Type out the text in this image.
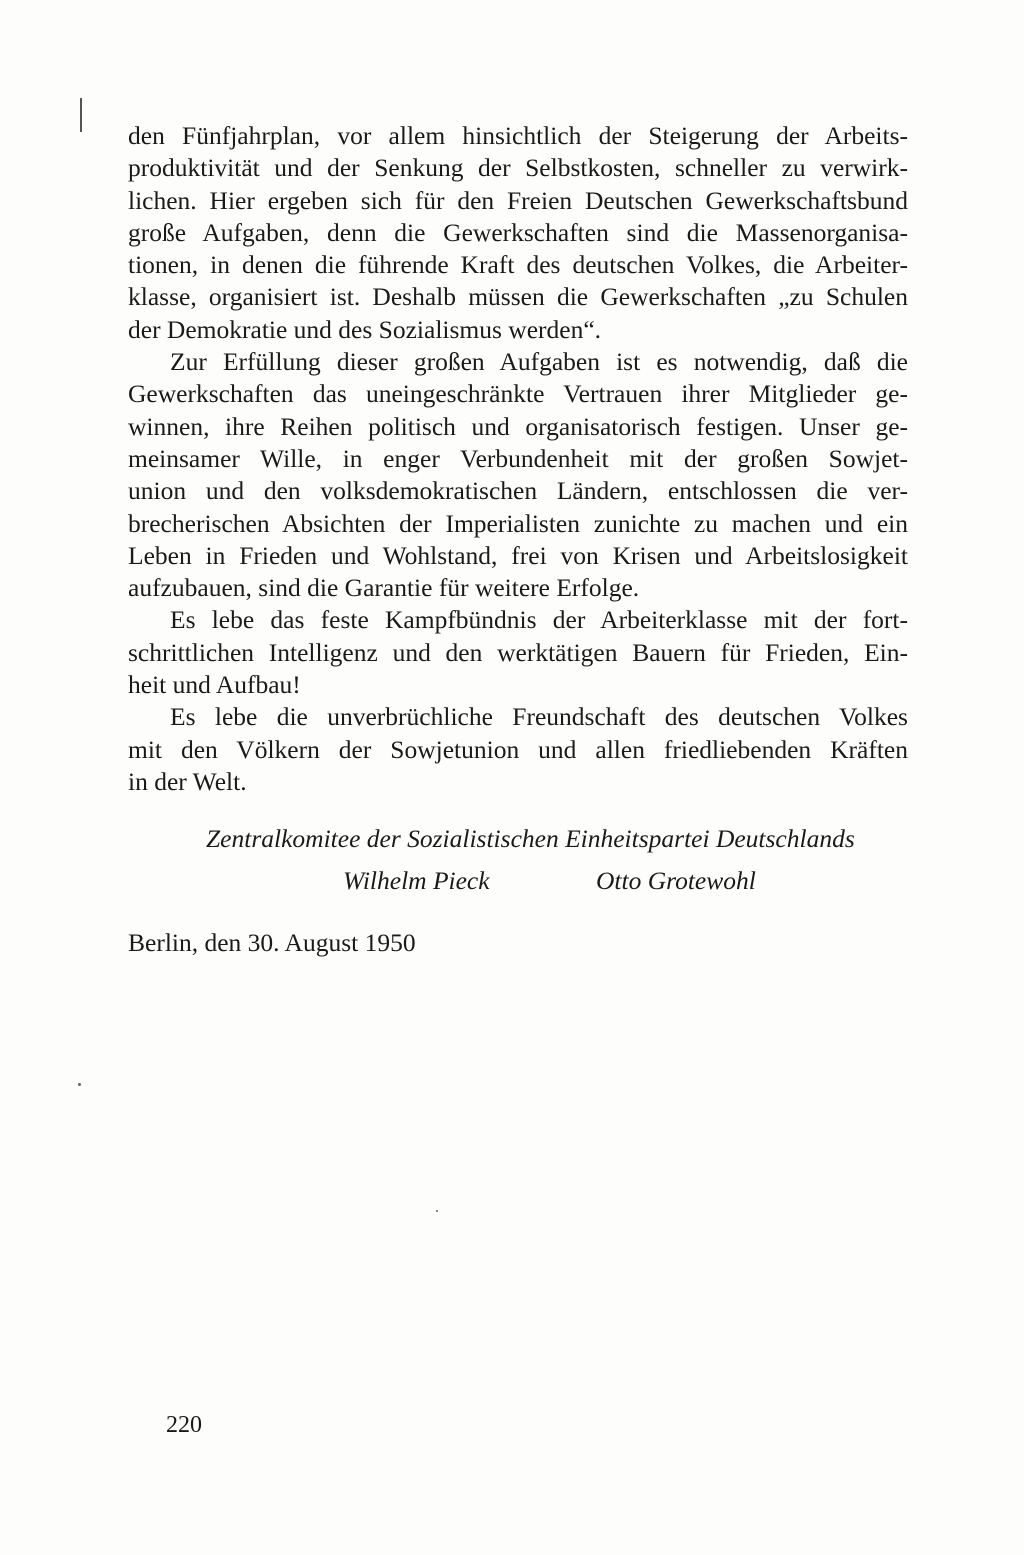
den Fünfjahrplan, vor allem hinsichtlich der Steigerung der Arbeits-
produktivität und der Senkung der Selbstkosten, schneller zu verwirk-
lichen. Hier ergeben sich für den Freien Deutschen Gewerkschaftsbund
große Aufgaben, denn die Gewerkschaften sind die Massenorganisa-
tionen, in denen die führende Kraft des deutschen Volkes, die Arbeiter-
klasse, organisiert ist. Deshalb müssen die Gewerkschaften „zu Schulen
der Demokratie und des Sozialismus werden“.
Zur Erfüllung dieser großen Aufgaben ist es notwendig, daß die
Gewerkschaften das uneingeschränkte Vertrauen ihrer Mitglieder ge-
winnen, ihre Reihen politisch und organisatorisch festigen. Unser ge-
meinsamer Wille, in enger Verbundenheit mit der großen Sowjet-
union und den volksdemokratischen Ländern, entschlossen die ver-
brecherischen Absichten der Imperialisten zunichte zu machen und ein
Leben in Frieden und Wohlstand, frei von Krisen und Arbeitslosigkeit
aufzubauen, sind die Garantie für weitere Erfolge.
Es lebe das feste Kampfbündnis der Arbeiterklasse mit der fort-
schrittlichen Intelligenz und den werktätigen Bauern für Frieden, Ein-
heit und Aufbau!
Es lebe die unverbrüchliche Freundschaft des deutschen Volkes
mit den Völkern der Sowjetunion und allen friedliebenden Kräften
in der Welt.
Zentralkomitee der Sozialistischen Einheitspartei Deutschlands
Wilhelm Pieck	Otto Grotewohl
Berlin, den 30. August 1950
220
